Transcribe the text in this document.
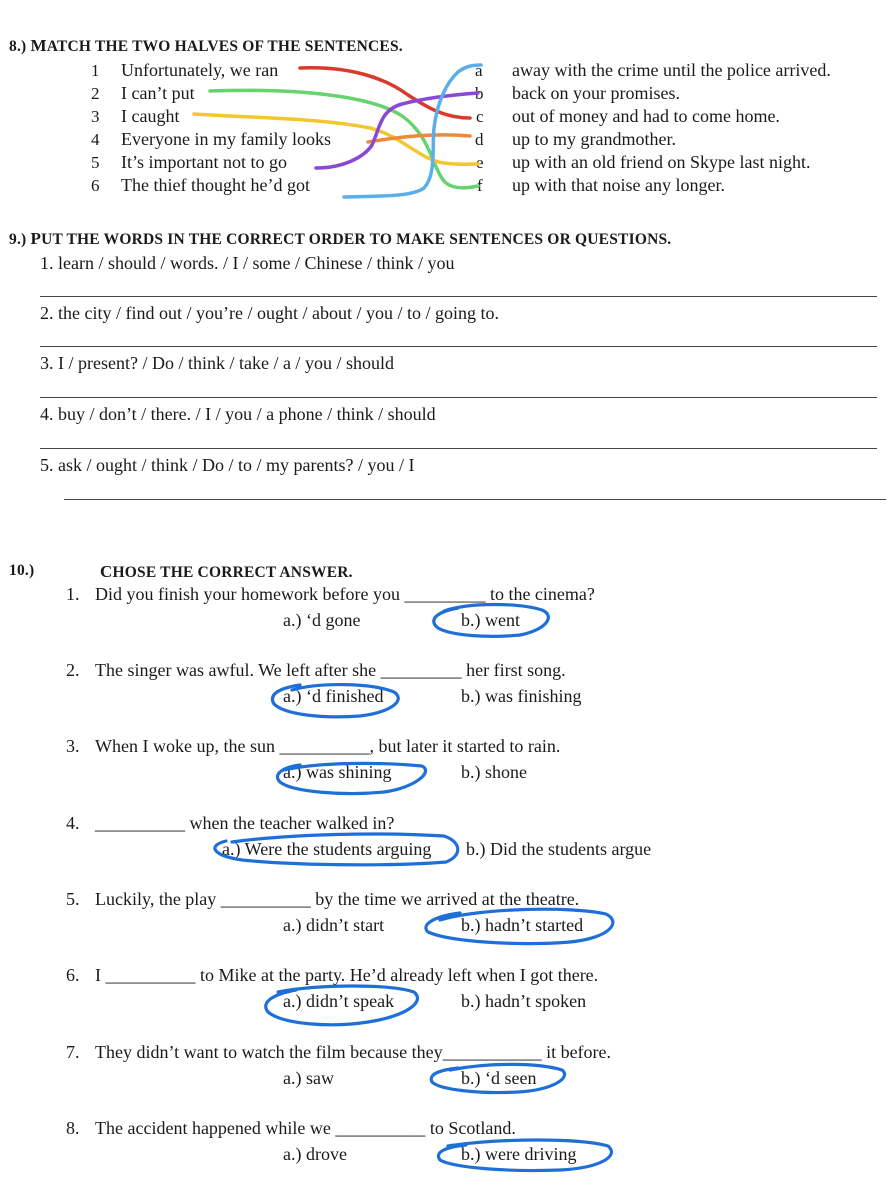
8.) MATCH THE TWO HALVES OF THE SENTENCES.
1 Unfortunately, we ran
2 I can’t put
3 I caught
4 Everyone in my family looks
5 It’s important not to go
6 The thief thought he’d got
a away with the crime until the police arrived.
b back on your promises.
c out of money and had to come home.
d up to my grandmother.
e up with an old friend on Skype last night.
f up with that noise any longer.
9.) PUT THE WORDS IN THE CORRECT ORDER TO MAKE SENTENCES OR QUESTIONS.
1. learn / should / words. / I / some / Chinese / think / you
2. the city / find out / you’re / ought / about / you / to / going to.
3. I / present? / Do / think / take / a / you / should
4. buy / don’t / there. / I / you / a phone / think / should
5. ask / ought / think / Do / to / my parents? / you / I
10.)	CHOSE THE CORRECT ANSWER.
1. Did you finish your homework before you _________ to the cinema?
a.) ‘d gone	b.) went
2. The singer was awful. We left after she _________ her first song.
a.) ‘d finished	b.) was finishing
3. When I woke up, the sun __________, but later it started to rain.
a.) was shining	b.) shone
4. __________ when the teacher walked in?
a.) Were the students arguing b.) Did the students argue
5. Luckily, the play __________ by the time we arrived at the theatre.
a.) didn’t start	b.) hadn’t started
6. I __________ to Mike at the party. He’d already left when I got there.
a.) didn’t speak	b.) hadn’t spoken
7. They didn’t want to watch the film because they___________ it before.
a.) saw	b.) ‘d seen
8. The accident happened while we __________ to Scotland.
a.) drove	b.) were driving
